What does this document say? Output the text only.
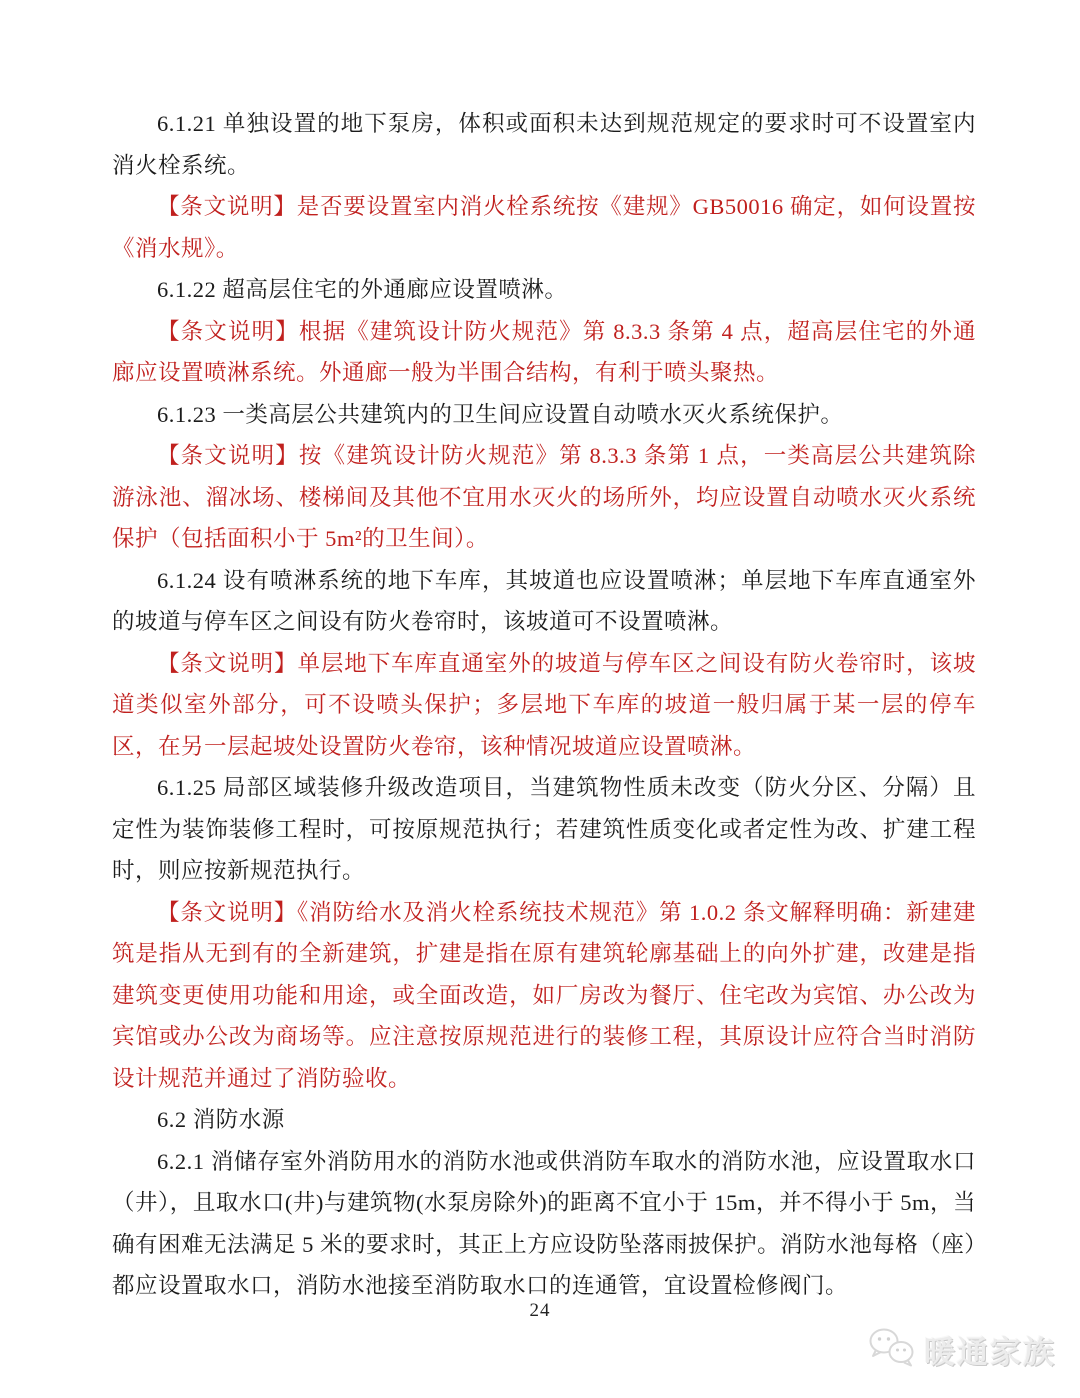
6.1.21 单独设置的地下泵房，体积或面积未达到规范规定的要求时可不设置室内消火栓系统。

【条文说明】是否要设置室内消火栓系统按《建规》GB50016 确定，如何设置按《消水规》。

6.1.22 超高层住宅的外通廊应设置喷淋。

【条文说明】根据《建筑设计防火规范》第 8.3.3 条第 4 点，超高层住宅的外通廊应设置喷淋系统。外通廊一般为半围合结构，有利于喷头聚热。

6.1.23 一类高层公共建筑内的卫生间应设置自动喷水灭火系统保护。

【条文说明】按《建筑设计防火规范》第 8.3.3 条第 1 点，一类高层公共建筑除游泳池、溜冰场、楼梯间及其他不宜用水灭火的场所外，均应设置自动喷水灭火系统保护（包括面积小于 5m²的卫生间）。

6.1.24 设有喷淋系统的地下车库，其坡道也应设置喷淋；单层地下车库直通室外的坡道与停车区之间设有防火卷帘时，该坡道可不设置喷淋。

【条文说明】单层地下车库直通室外的坡道与停车区之间设有防火卷帘时，该坡道类似室外部分，可不设喷头保护；多层地下车库的坡道一般归属于某一层的停车区，在另一层起坡处设置防火卷帘，该种情况坡道应设置喷淋。

6.1.25 局部区域装修升级改造项目，当建筑物性质未改变（防火分区、分隔）且定性为装饰装修工程时，可按原规范执行；若建筑性质变化或者定性为改、扩建工程时，则应按新规范执行。

【条文说明】《消防给水及消火栓系统技术规范》第 1.0.2 条文解释明确：新建建筑是指从无到有的全新建筑，扩建是指在原有建筑轮廓基础上的向外扩建，改建是指建筑变更使用功能和用途，或全面改造，如厂房改为餐厅、住宅改为宾馆、办公改为宾馆或办公改为商场等。应注意按原规范进行的装修工程，其原设计应符合当时消防设计规范并通过了消防验收。

6.2 消防水源

6.2.1 消储存室外消防用水的消防水池或供消防车取水的消防水池，应设置取水口（井），且取水口(井)与建筑物(水泵房除外)的距离不宜小于 15m，并不得小于 5m，当确有困难无法满足 5 米的要求时，其正上方应设防坠落雨披保护。消防水池每格（座）都应设置取水口，消防水池接至消防取水口的连通管，宜设置检修阀门。

24
暖通家族
